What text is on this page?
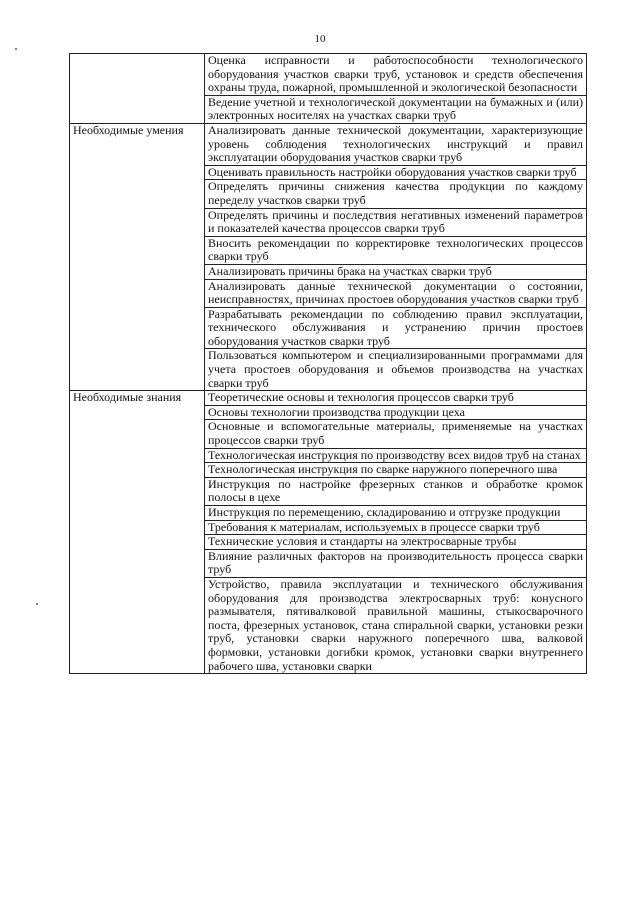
10
	Оценка исправности и работоспособности технологического оборудования участков сварки труб, установок и средств обеспечения охраны труда, пожарной, промышленной и экологической безопасности
	Ведение учетной и технологической документации на бумажных и (или) электронных носителях на участках сварки труб
Необходимые умения	Анализировать данные технической документации, характеризующие уровень соблюдения технологических инструкций и правил эксплуатации оборудования участков сварки труб
	Оценивать правильность настройки оборудования участков сварки труб
	Определять причины снижения качества продукции по каждому переделу участков сварки труб
	Определять причины и последствия негативных изменений параметров и показателей качества процессов сварки труб
	Вносить рекомендации по корректировке технологических процессов сварки труб
	Анализировать причины брака на участках сварки труб
	Анализировать данные технической документации о состоянии, неисправностях, причинах простоев оборудования участков сварки труб
	Разрабатывать рекомендации по соблюдению правил эксплуатации, технического обслуживания и устранению причин простоев оборудования участков сварки труб
	Пользоваться компьютером и специализированными программами для учета простоев оборудования и объемов производства на участках сварки труб
Необходимые знания	Теоретические основы и технология процессов сварки труб
	Основы технологии производства продукции цеха
	Основные и вспомогательные материалы, применяемые на участках процессов сварки труб
	Технологическая инструкция по производству всех видов труб на станах
	Технологическая инструкция по сварке наружного поперечного шва
	Инструкция по настройке фрезерных станков и обработке кромок полосы в цехе
	Инструкция по перемещению, складированию и отгрузке продукции
	Требования к материалам, используемых в процессе сварки труб
	Технические условия и стандарты на электросварные трубы
	Влияние различных факторов на производительность процесса сварки труб
	Устройство, правила эксплуатации и технического обслуживания оборудования для производства электросварных труб: конусного размывателя, пятивалковой правильной машины, стыкосварочного поста, фрезерных установок, стана спиральной сварки, установки резки труб, установки сварки наружного поперечного шва, валковой формовки, установки догибки кромок, установки сварки внутреннего рабочего шва, установки сварки
